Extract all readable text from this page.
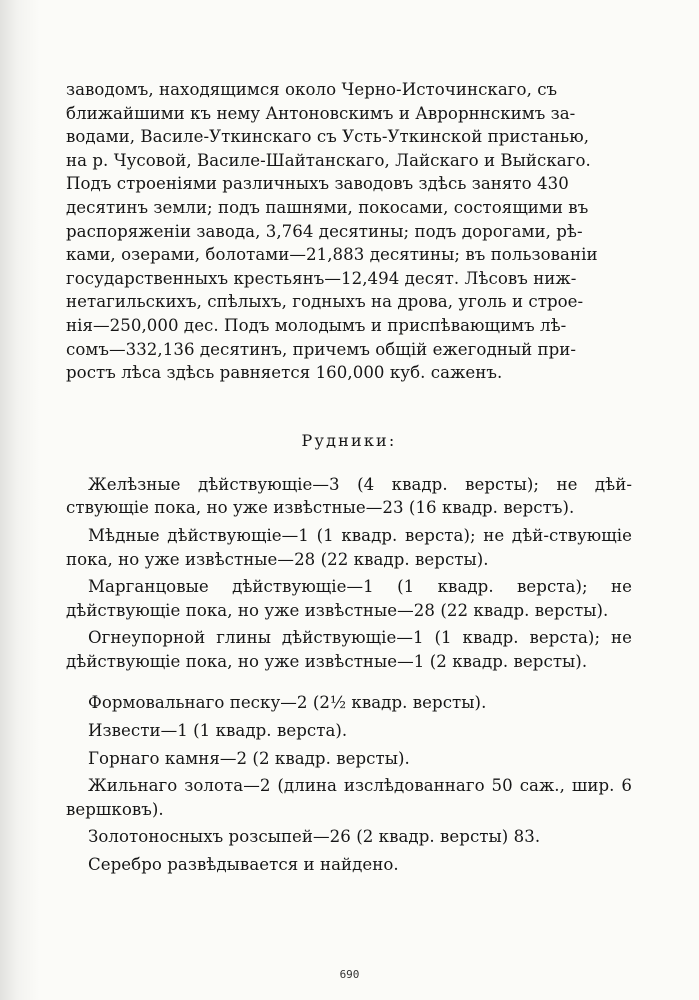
заводомъ, находящимся около Черно-Источинскаго, съ
ближайшими къ нему Антоновскимъ и Аврорннскимъ за-
водами, Василе-Уткинскаго съ Усть-Уткинской пристанью,
на р. Чусовой, Василе-Шайтанскаго, Лайскаго и Выйскаго.
Подъ строеніями различныхъ заводовъ здѣсь занято 430
десятинъ земли; подъ пашнями, покосами, состоящими въ
распоряженіи завода, 3,764 десятины; подъ дорогами, рѣ-
ками, озерами, болотами—21,883 десятины; въ пользованіи
государственныхъ крестьянъ—12,494 десят. Лѣсовъ ниж-
нетагильскихъ, спѣлыхъ, годныхъ на дрова, уголь и строе-
нія—250,000 дес. Подъ молодымъ и приспѣвающимъ лѣ-
сомъ—332,136 десятинъ, причемъ общій ежегодный при-
ростъ лѣса здѣсь равняется 160,000 куб. саженъ.
Рудники:

Желѣзные дѣйствующіе—3 (4 квадр. версты); не дѣй-ствующіе пока, но уже извѣстные—23 (16 квадр. верстъ).

Мѣдные дѣйствующіе—1 (1 квадр. верста); не дѣй-ствующіе пока, но уже извѣстные—28 (22 квадр. версты).

Марганцовые дѣйствующіе—1 (1 квадр. верста); не дѣйствующіе пока, но уже извѣстные—28 (22 квадр. версты).

Огнеупорной глины дѣйствующіе—1 (1 квадр. верста); не дѣйствующіе пока, но уже извѣстные—1 (2 квадр. версты).

Формовальнаго песку—2 (2½ квадр. версты).

Извести—1 (1 квадр. верста).

Горнаго камня—2 (2 квадр. версты).

Жильнаго золота—2 (длина изслѣдованнаго 50 саж., шир. 6 вершковъ).

Золотоносныхъ розсыпей—26 (2 квадр. версты) 83.

Серебро развѣдывается и найдено.

690
